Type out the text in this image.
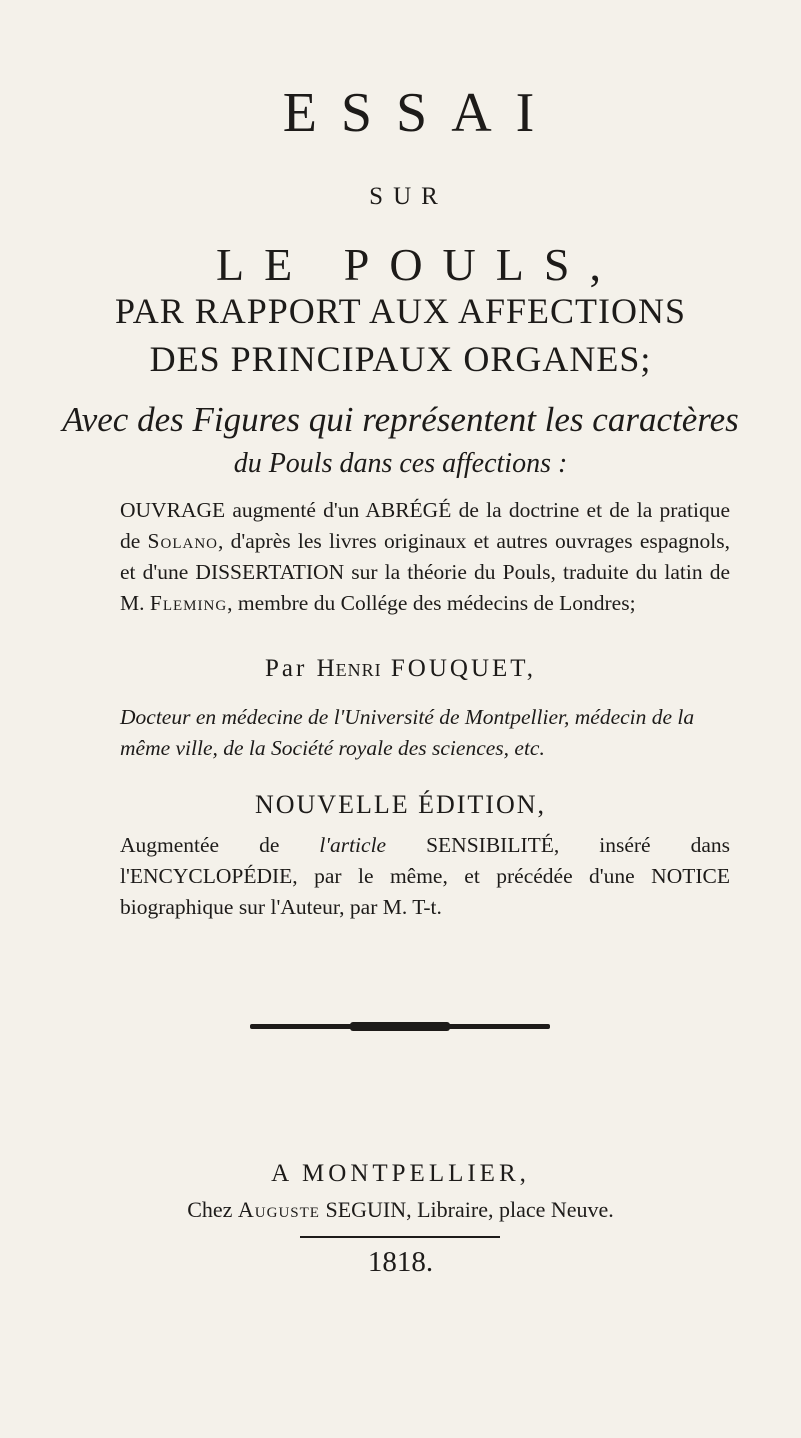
ESSAI
SUR
LE POULS,
PAR RAPPORT AUX AFFECTIONS
DES PRINCIPAUX ORGANES;
Avec des Figures qui représentent les caractères
du Pouls dans ces affections :
OUVRAGE augmenté d'un ABRÉGÉ de la doctrine et de la pratique de Solano, d'après les livres originaux et autres ouvrages espagnols, et d'une DISSERTATION sur la théorie du Pouls, traduite du latin de M. Fleming, membre du Collége des médecins de Londres;
Par Henri FOUQUET,
Docteur en médecine de l'Université de Montpellier, médecin de la même ville, de la Société royale des sciences, etc.
NOUVELLE ÉDITION,
Augmentée de l'article SENSIBILITÉ, inséré dans l'ENCYCLOPÉDIE, par le même, et précédée d'une NOTICE biographique sur l'Auteur, par M. T-t.
A MONTPELLIER,
Chez Auguste SEGUIN, Libraire, place Neuve.
1818.
